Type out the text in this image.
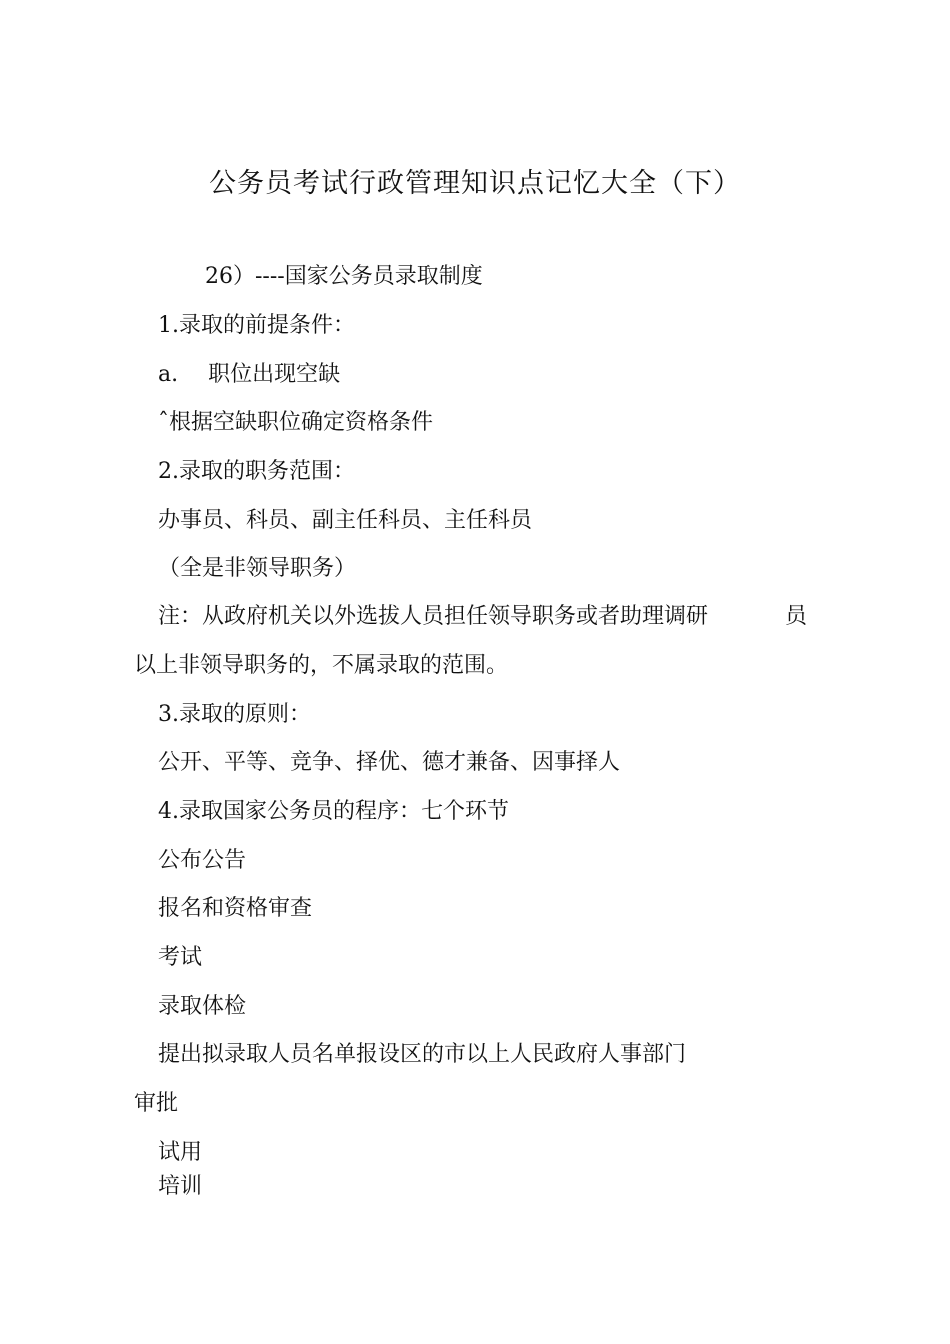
公务员考试行政管理知识点记忆大全（下）
26）----国家公务员录取制度
1.录取的前提条件：
a. 职位出现空缺
ˆ根据空缺职位确定资格条件
2.录取的职务范围：
办事员、科员、副主任科员、主任科员
（全是非领导职务）
注：从政府机关以外选拔人员担任领导职务或者助理调研	员
以上非领导职务的，不属录取的范围。
3.录取的原则：
公开、平等、竞争、择优、德才兼备、因事择人
4.录取国家公务员的程序：七个环节
公布公告
报名和资格审查
考试
录取体检
提出拟录取人员名单报设区的市以上人民政府人事部门
审批
试用
培训
